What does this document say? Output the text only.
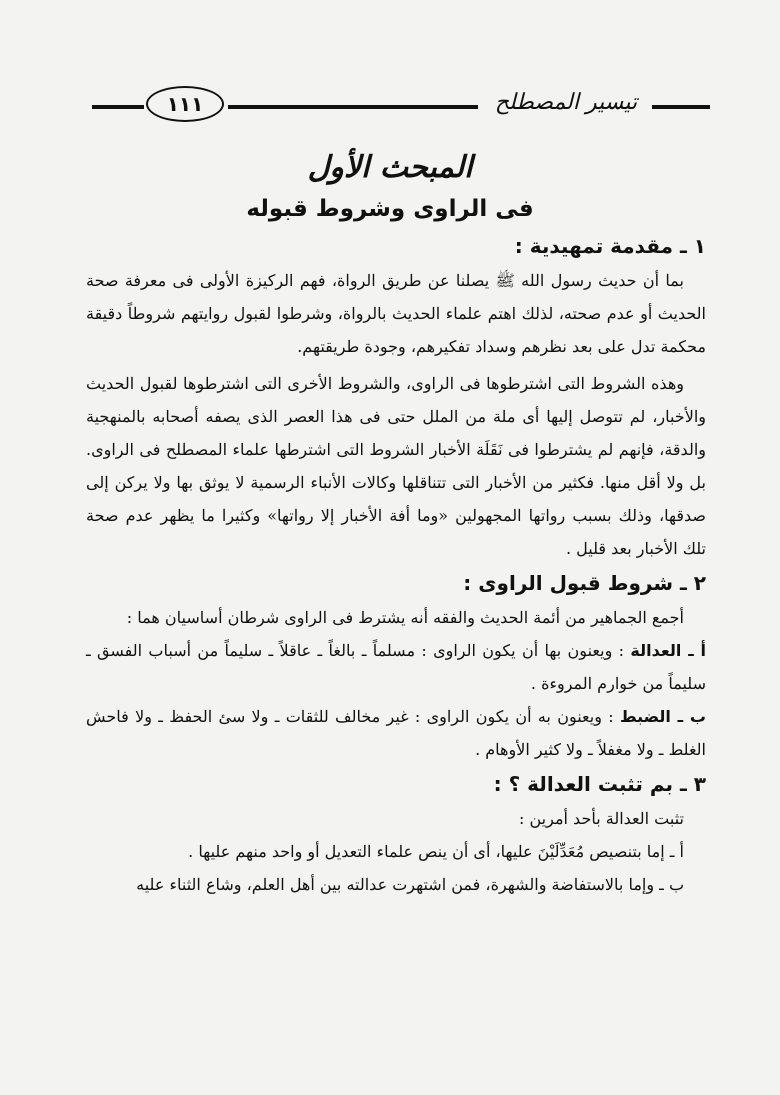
١١١	تيسير المصطلح
المبحث الأول
فى الراوى وشروط قبوله

١ ـ مقدمة تمهيدية :

بما أن حديث رسول الله ﷺ يصلنا عن طريق الرواة، فهم الركيزة الأولى فى معرفة صحة الحديث أو عدم صحته، لذلك اهتم علماء الحديث بالرواة، وشرطوا لقبول روايتهم شروطاً دقيقة محكمة تدل على بعد نظرهم وسداد تفكيرهم، وجودة طريقتهم.

وهذه الشروط التى اشترطوها فى الراوى، والشروط الأخرى التى اشترطوها لقبول الحديث والأخبار، لم تتوصل إليها أى ملة من الملل حتى فى هذا العصر الذى يصفه أصحابه بالمنهجية والدقة، فإنهم لم يشترطوا فى نَقَلَة الأخبار الشروط التى اشترطها علماء المصطلح فى الراوى. بل ولا أقل منها. فكثير من الأخبار التى تتناقلها وكالات الأنباء الرسمية لا يوثق بها ولا يركن إلى صدقها، وذلك بسبب رواتها المجهولين «وما أفة الأخبار إلا رواتها» وكثيرا ما يظهر عدم صحة تلك الأخبار بعد قليل .

٢ ـ شروط قبول الراوى :

أجمع الجماهير من أئمة الحديث والفقه أنه يشترط فى الراوى شرطان أساسيان هما :

أ ـ العدالة : ويعنون بها أن يكون الراوى : مسلماً ـ بالغاً ـ عاقلاً ـ سليماً من أسباب الفسق ـ سليماً من خوارم المروءة .

ب ـ الضبط : ويعنون به أن يكون الراوى : غير مخالف للثقات ـ ولا سئ الحفظ ـ ولا فاحش الغلط ـ ولا مغفلاً ـ ولا كثير الأوهام .

٣ ـ بم تثبت العدالة ؟ :

تثبت العدالة بأحد أمرين :

أ ـ إما بتنصيص مُعَدِّلَيْنَ عليها، أى أن ينص علماء التعديل أو واحد منهم عليها .

ب ـ وإما بالاستفاضة والشهرة، فمن اشتهرت عدالته بين أهل العلم، وشاع الثناء عليه
